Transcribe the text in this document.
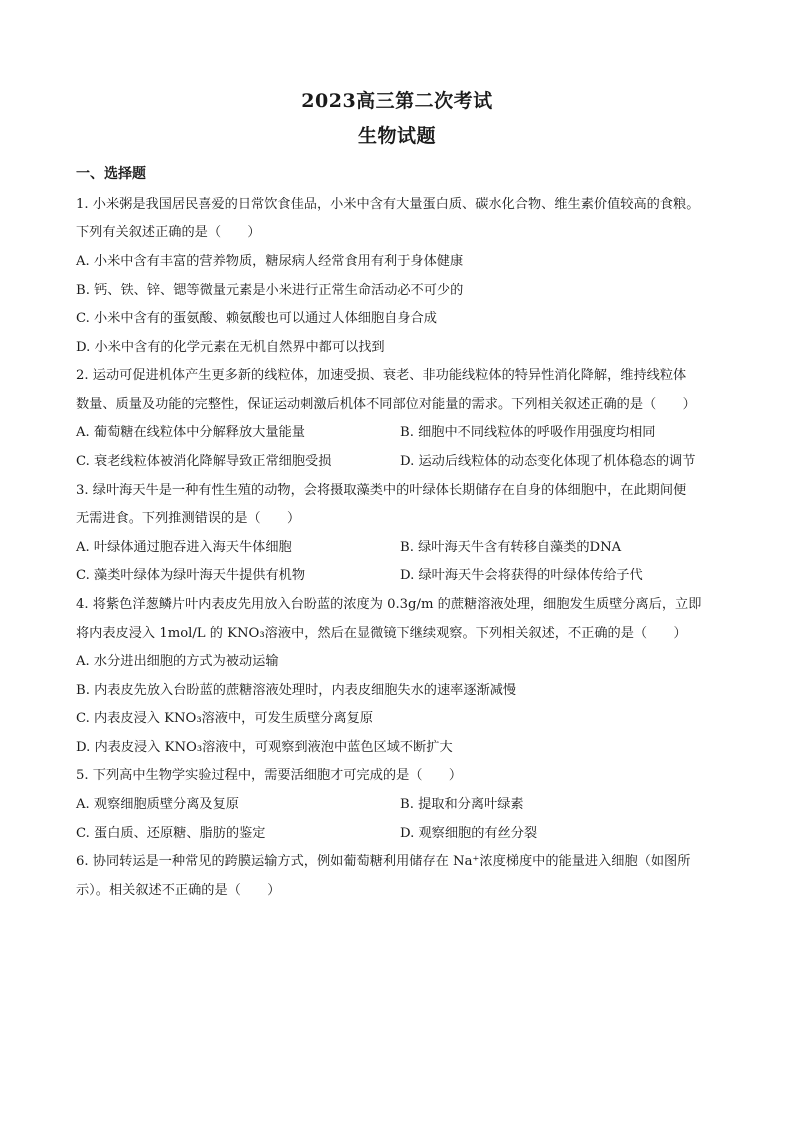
2023高三第二次考试
生物试题
一、选择题
1. 小米粥是我国居民喜爱的日常饮食佳品，小米中含有大量蛋白质、碳水化合物、维生素价值较高的食粮。
下列有关叙述正确的是（　　）
A. 小米中含有丰富的营养物质，糖尿病人经常食用有利于身体健康
B. 钙、铁、锌、锶等微量元素是小米进行正常生命活动必不可少的
C. 小米中含有的蛋氨酸、赖氨酸也可以通过人体细胞自身合成
D. 小米中含有的化学元素在无机自然界中都可以找到
2. 运动可促进机体产生更多新的线粒体，加速受损、衰老、非功能线粒体的特异性消化降解，维持线粒体
数量、质量及功能的完整性，保证运动刺激后机体不同部位对能量的需求。下列相关叙述正确的是（　　）
A. 葡萄糖在线粒体中分解释放大量能量	B. 细胞中不同线粒体的呼吸作用强度均相同
C. 衰老线粒体被消化降解导致正常细胞受损	D. 运动后线粒体的动态变化体现了机体稳态的调节
3. 绿叶海天牛是一种有性生殖的动物，会将摄取藻类中的叶绿体长期储存在自身的体细胞中，在此期间便
无需进食。下列推测错误的是（　　）
A. 叶绿体通过胞吞进入海天牛体细胞	B. 绿叶海天牛含有转移自藻类的DNA
C. 藻类叶绿体为绿叶海天牛提供有机物	D. 绿叶海天牛会将获得的叶绿体传给子代
4. 将紫色洋葱鳞片叶内表皮先用放入台盼蓝的浓度为 0.3g/m 的蔗糖溶液处理，细胞发生质壁分离后，立即
将内表皮浸入 1mol/L 的 KNO₃溶液中，然后在显微镜下继续观察。下列相关叙述，不正确的是（　　）
A. 水分进出细胞的方式为被动运输
B. 内表皮先放入台盼蓝的蔗糖溶液处理时，内表皮细胞失水的速率逐渐减慢
C. 内表皮浸入 KNO₃溶液中，可发生质壁分离复原
D. 内表皮浸入 KNO₃溶液中，可观察到液泡中蓝色区域不断扩大
5. 下列高中生物学实验过程中，需要活细胞才可完成的是（　　）
A. 观察细胞质壁分离及复原	B. 提取和分离叶绿素
C. 蛋白质、还原糖、脂肪的鉴定	D. 观察细胞的有丝分裂
6. 协同转运是一种常见的跨膜运输方式，例如葡萄糖利用储存在 Na⁺浓度梯度中的能量进入细胞（如图所
示）。相关叙述不正确的是（　　）
